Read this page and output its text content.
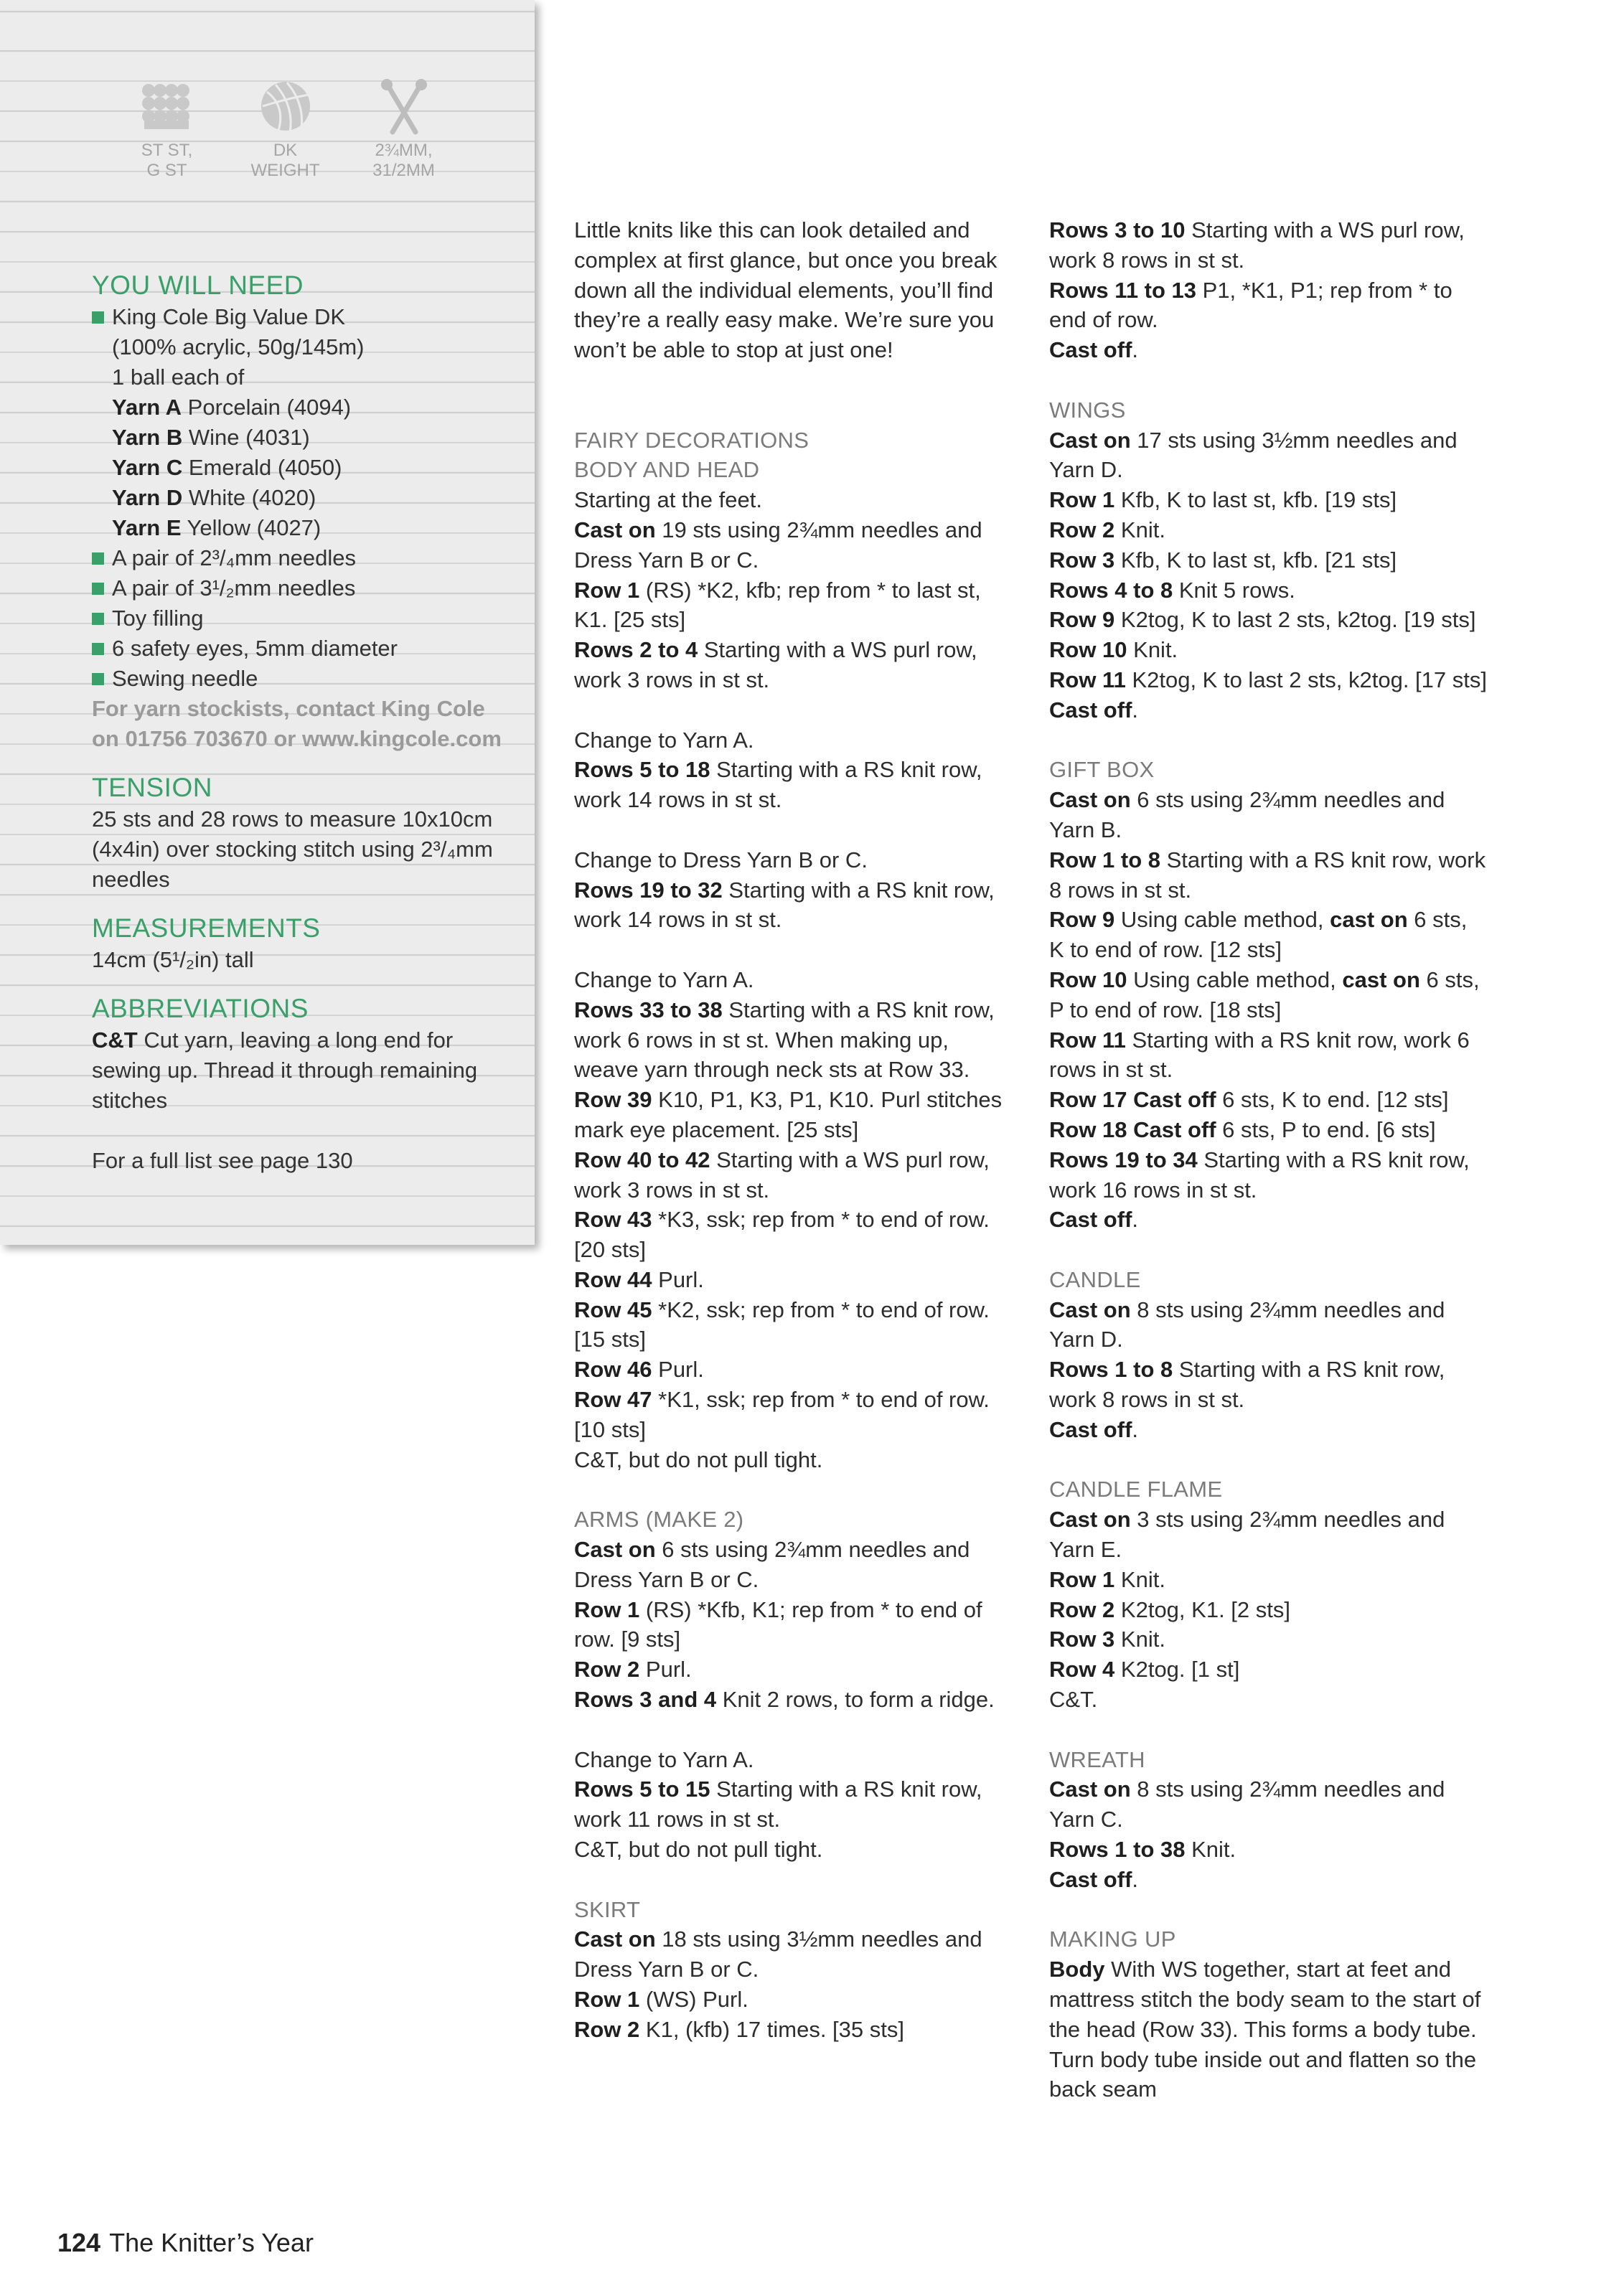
ST ST,
G ST
DK
WEIGHT
2¾MM,
31/2MM

YOU WILL NEED

King Cole Big Value DK

(100% acrylic, 50g/145m)

1 ball each of

Yarn A Porcelain (4094)

Yarn B Wine (4031)

Yarn C Emerald (4050)

Yarn D White (4020)

Yarn E Yellow (4027)

A pair of 2³/₄mm needles

A pair of 3¹/₂mm needles

Toy filling

6 safety eyes, 5mm diameter

Sewing needle

For yarn stockists, contact King Cole on 01756 703670 or www.kingcole.com

TENSION

25 sts and 28 rows to measure 10x10cm (4x4in) over stocking stitch using 2³/₄mm needles

MEASUREMENTS

14cm (5¹/₂in) tall

ABBREVIATIONS

C&T Cut yarn, leaving a long end for sewing up. Thread it through remaining stitches

For a full list see page 130

Little knits like this can look detailed and complex at first glance, but once you break down all the individual elements, you’ll find they’re a really easy make. We’re sure you won’t be able to stop at just one!

FAIRY DECORATIONS

BODY AND HEAD

Starting at the feet.

Cast on 19 sts using 2¾mm needles and Dress Yarn B or C.

Row 1 (RS) *K2, kfb; rep from * to last st, K1. [25 sts]

Rows 2 to 4 Starting with a WS purl row, work 3 rows in st st.

Change to Yarn A.

Rows 5 to 18 Starting with a RS knit row, work 14 rows in st st.

Change to Dress Yarn B or C.

Rows 19 to 32 Starting with a RS knit row, work 14 rows in st st.

Change to Yarn A.

Rows 33 to 38 Starting with a RS knit row, work 6 rows in st st. When making up, weave yarn through neck sts at Row 33.

Row 39 K10, P1, K3, P1, K10. Purl stitches mark eye placement. [25 sts]

Row 40 to 42 Starting with a WS purl row, work 3 rows in st st.

Row 43 *K3, ssk; rep from * to end of row. [20 sts]

Row 44 Purl.

Row 45 *K2, ssk; rep from * to end of row. [15 sts]

Row 46 Purl.

Row 47 *K1, ssk; rep from * to end of row. [10 sts]

C&T, but do not pull tight.

ARMS (MAKE 2)

Cast on 6 sts using 2¾mm needles and Dress Yarn B or C.

Row 1 (RS) *Kfb, K1; rep from * to end of row. [9 sts]

Row 2 Purl.

Rows 3 and 4 Knit 2 rows, to form a ridge.

Change to Yarn A.

Rows 5 to 15 Starting with a RS knit row, work 11 rows in st st.

C&T, but do not pull tight.

SKIRT

Cast on 18 sts using 3½mm needles and Dress Yarn B or C.

Row 1 (WS) Purl.

Row 2 K1, (kfb) 17 times. [35 sts]

Rows 3 to 10 Starting with a WS purl row, work 8 rows in st st.

Rows 11 to 13 P1, *K1, P1; rep from * to end of row.

Cast off.

WINGS

Cast on 17 sts using 3½mm needles and Yarn D.

Row 1 Kfb, K to last st, kfb. [19 sts]

Row 2 Knit.

Row 3 Kfb, K to last st, kfb. [21 sts]

Rows 4 to 8 Knit 5 rows.

Row 9 K2tog, K to last 2 sts, k2tog. [19 sts]

Row 10 Knit.

Row 11 K2tog, K to last 2 sts, k2tog. [17 sts]

Cast off.

GIFT BOX

Cast on 6 sts using 2¾mm needles and Yarn B.

Row 1 to 8 Starting with a RS knit row, work 8 rows in st st.

Row 9 Using cable method, cast on 6 sts, K to end of row. [12 sts]

Row 10 Using cable method, cast on 6 sts, P to end of row. [18 sts]

Row 11 Starting with a RS knit row, work 6 rows in st st.

Row 17 Cast off 6 sts, K to end. [12 sts]

Row 18 Cast off 6 sts, P to end. [6 sts]

Rows 19 to 34 Starting with a RS knit row, work 16 rows in st st.

Cast off.

CANDLE

Cast on 8 sts using 2¾mm needles and Yarn D.

Rows 1 to 8 Starting with a RS knit row, work 8 rows in st st.

Cast off.

CANDLE FLAME

Cast on 3 sts using 2¾mm needles and Yarn E.

Row 1 Knit.

Row 2 K2tog, K1. [2 sts]

Row 3 Knit.

Row 4 K2tog. [1 st]

C&T.

WREATH

Cast on 8 sts using 2¾mm needles and Yarn C.

Rows 1 to 38 Knit.

Cast off.

MAKING UP

Body With WS together, start at feet and mattress stitch the body seam to the start of the head (Row 33). This forms a body tube. Turn body tube inside out and flatten so the back seam

124 The Knitter’s Year
